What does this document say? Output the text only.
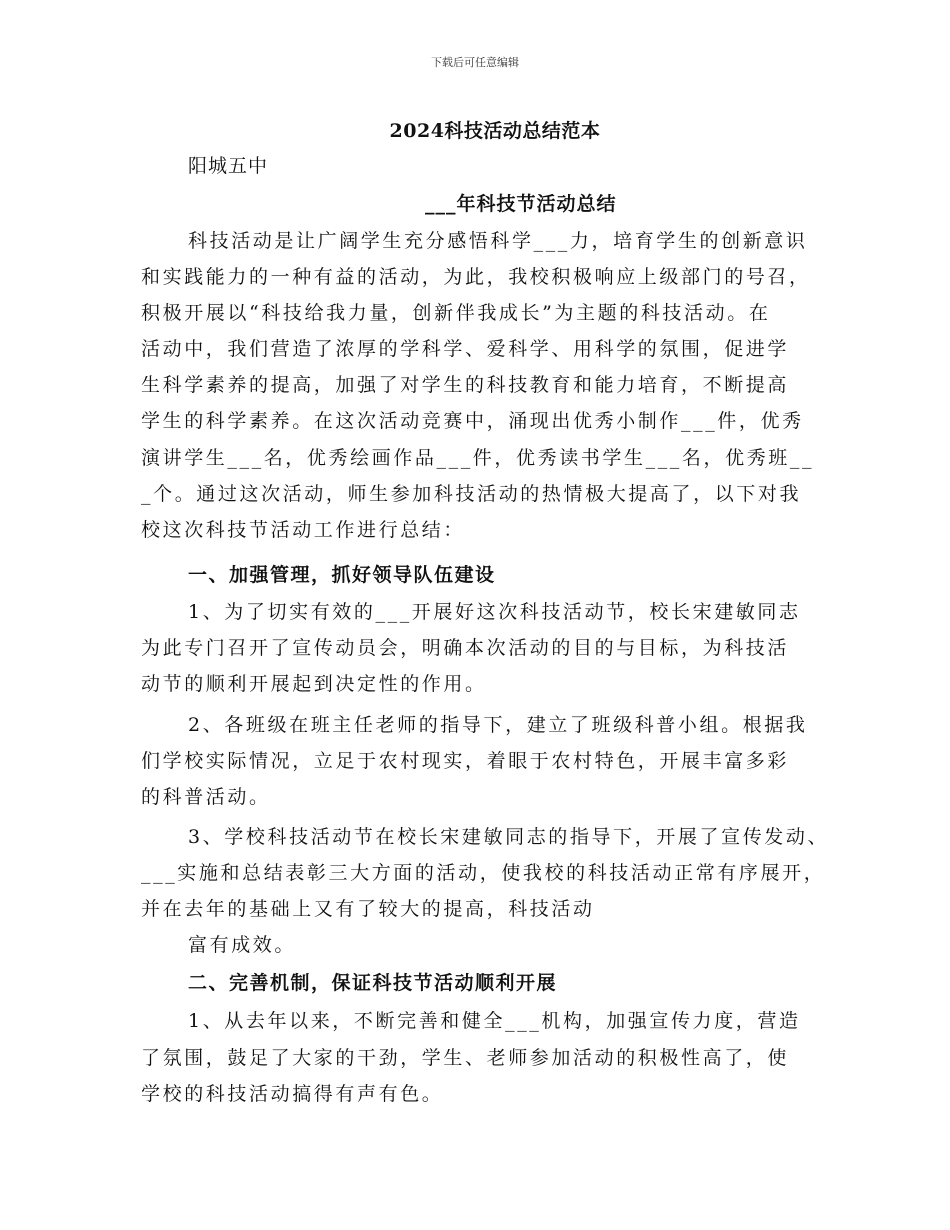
下载后可任意编辑
2024科技活动总结范本
阳城五中
___年科技节活动总结
科技活动是让广阔学生充分感悟科学___力，培育学生的创新意识
和实践能力的一种有益的活动，为此，我校积极响应上级部门的号召，
积极开展以“科技给我力量，创新伴我成长”为主题的科技活动。在
活动中，我们营造了浓厚的学科学、爱科学、用科学的氛围，促进学
生科学素养的提高，加强了对学生的科技教育和能力培育，不断提高
学生的科学素养。在这次活动竞赛中，涌现出优秀小制作___件，优秀
演讲学生___名，优秀绘画作品___件，优秀读书学生___名，优秀班__
_个。通过这次活动，师生参加科技活动的热情极大提高了，以下对我
校这次科技节活动工作进行总结：
一、加强管理，抓好领导队伍建设
1、为了切实有效的___开展好这次科技活动节，校长宋建敏同志
为此专门召开了宣传动员会，明确本次活动的目的与目标，为科技活
动节的顺利开展起到决定性的作用。
2、各班级在班主任老师的指导下，建立了班级科普小组。根据我
们学校实际情况，立足于农村现实，着眼于农村特色，开展丰富多彩
的科普活动。
3、学校科技活动节在校长宋建敏同志的指导下，开展了宣传发动、
___实施和总结表彰三大方面的活动，使我校的科技活动正常有序展开，
并在去年的基础上又有了较大的提高，科技活动
富有成效。
二、完善机制，保证科技节活动顺利开展
1、从去年以来，不断完善和健全___机构，加强宣传力度，营造
了氛围，鼓足了大家的干劲，学生、老师参加活动的积极性高了，使
学校的科技活动搞得有声有色。
